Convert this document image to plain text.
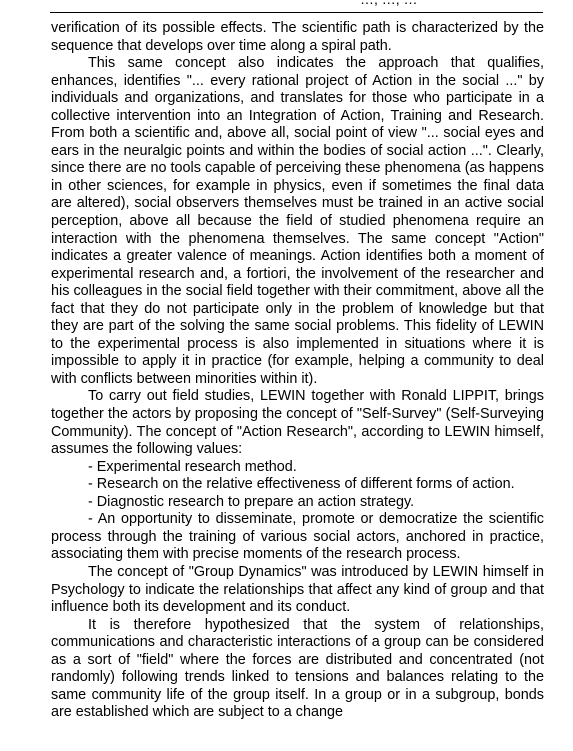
verification of its possible effects. The scientific path is characterized by the sequence that develops over time along a spiral path.

This same concept also indicates the approach that qualifies, enhances, identifies "... every rational project of Action in the social ..." by individuals and organizations, and translates for those who participate in a collective intervention into an Integration of Action, Training and Research. From both a scientific and, above all, social point of view "... social eyes and ears in the neuralgic points and within the bodies of social action ...". Clearly, since there are no tools capable of perceiving these phenomena (as happens in other sciences, for example in physics, even if sometimes the final data are altered), social observers themselves must be trained in an active social perception, above all because the field of studied phenomena require an interaction with the phenomena themselves. The same concept "Action" indicates a greater valence of meanings. Action identifies both a moment of experimental research and, a fortiori, the involvement of the researcher and his colleagues in the social field together with their commitment, above all the fact that they do not participate only in the problem of knowledge but that they are part of the solving the same social problems. This fidelity of LEWIN to the experimental process is also implemented in situations where it is impossible to apply it in practice (for example, helping a community to deal with conflicts between minorities within it).

To carry out field studies, LEWIN together with Ronald LIPPIT, brings together the actors by proposing the concept of "Self-Survey" (Self-Surveying Community). The concept of "Action Research", according to LEWIN himself, assumes the following values:

- Experimental research method.

- Research on the relative effectiveness of different forms of action.

- Diagnostic research to prepare an action strategy.

- An opportunity to disseminate, promote or democratize the scientific process through the training of various social actors, anchored in practice, associating them with precise moments of the research process.

The concept of "Group Dynamics" was introduced by LEWIN himself in Psychology to indicate the relationships that affect any kind of group and that influence both its development and its conduct.

It is therefore hypothesized that the system of relationships, communications and characteristic interactions of a group can be considered as a sort of "field" where the forces are distributed and concentrated (not randomly) following trends linked to tensions and balances relating to the same community life of the group itself. In a group or in a subgroup, bonds are established which are subject to a change
